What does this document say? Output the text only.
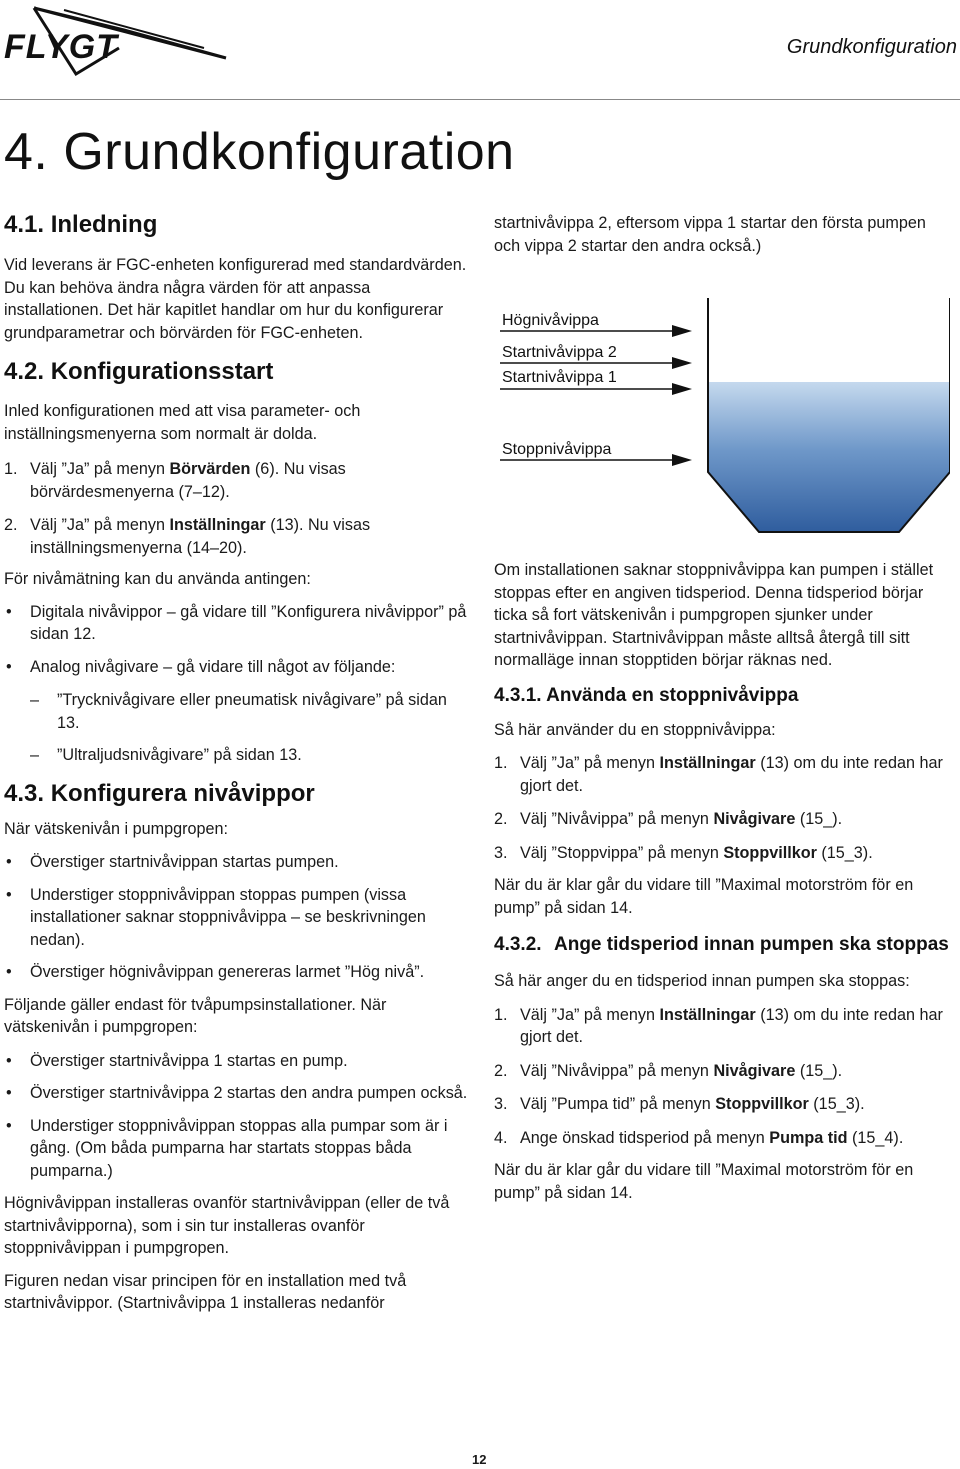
FLYGT	Grundkonfiguration
4. Grundkonfiguration
4.1. Inledning

Vid leverans är FGC-enheten konfigurerad med standardvärden. Du kan behöva ändra några värden för att anpassa installationen. Det här kapitlet handlar om hur du konfigurerar grundparametrar och börvärden för FGC-enheten.

4.2. Konfigurationsstart

Inled konfigurationen med att visa parameter- och inställningsmenyerna som normalt är dolda.

1. Välj ”Ja” på menyn Börvärden (6). Nu visas börvärdesmenyerna (7–12).
2. Välj ”Ja” på menyn Inställningar (13). Nu visas inställningsmenyerna (14–20).

För nivåmätning kan du använda antingen:

• Digitala nivåvippor – gå vidare till ”Konfigurera nivåvippor” på sidan 12.
• Analog nivågivare – gå vidare till något av följande:
– ”Trycknivågivare eller pneumatisk nivågivare” på sidan 13.
– ”Ultraljudsnivågivare” på sidan 13.
4.3. Konfigurera nivåvippor

När vätskenivån i pumpgropen:

• Överstiger startnivåvippan startas pumpen.
• Understiger stoppnivåvippan stoppas pumpen (vissa installationer saknar stoppnivåvippa – se beskrivningen nedan).
• Överstiger högnivåvippan genereras larmet ”Hög nivå”.

Följande gäller endast för tvåpumpsinstallationer. När vätskenivån i pumpgropen:

• Överstiger startnivåvippa 1 startas en pump.
• Överstiger startnivåvippa 2 startas den andra pumpen också.
• Understiger stoppnivåvippan stoppas alla pumpar som är i gång. (Om båda pumparna har startats stoppas båda pumparna.)

Högnivåvippan installeras ovanför startnivåvippan (eller de två startnivåvipporna), som i sin tur installeras ovanför stoppnivåvippan i pumpgropen.

Figuren nedan visar principen för en installation med två startnivåvippor. (Startnivåvippa 1 installeras nedanför

startnivåvippa 2, eftersom vippa 1 startar den första pumpen och vippa 2 startar den andra också.)

Högnivåvippa
Startnivåvippa 2
Startnivåvippa 1
Stoppnivåvippa

Om installationen saknar stoppnivåvippa kan pumpen i stället stoppas efter en angiven tidsperiod. Denna tidsperiod börjar ticka så fort vätskenivån i pumpgropen sjunker under startnivåvippan. Startnivåvippan måste alltså återgå till sitt normalläge innan stopptiden börjar räknas ned.

4.3.1. Använda en stoppnivåvippa

Så här använder du en stoppnivåvippa:

1. Välj ”Ja” på menyn Inställningar (13) om du inte redan har gjort det.
2. Välj ”Nivåvippa” på menyn Nivågivare (15_).
3. Välj ”Stoppvippa” på menyn Stoppvillkor (15_3).

När du är klar går du vidare till ”Maximal motorström för en pump” på sidan 14.

4.3.2. Ange tidsperiod innan pumpen ska stoppas

Så här anger du en tidsperiod innan pumpen ska stoppas:

1. Välj ”Ja” på menyn Inställningar (13) om du inte redan har gjort det.
2. Välj ”Nivåvippa” på menyn Nivågivare (15_).
3. Välj ”Pumpa tid” på menyn Stoppvillkor (15_3).
4. Ange önskad tidsperiod på menyn Pumpa tid (15_4).

När du är klar går du vidare till ”Maximal motorström för en pump” på sidan 14.

12
